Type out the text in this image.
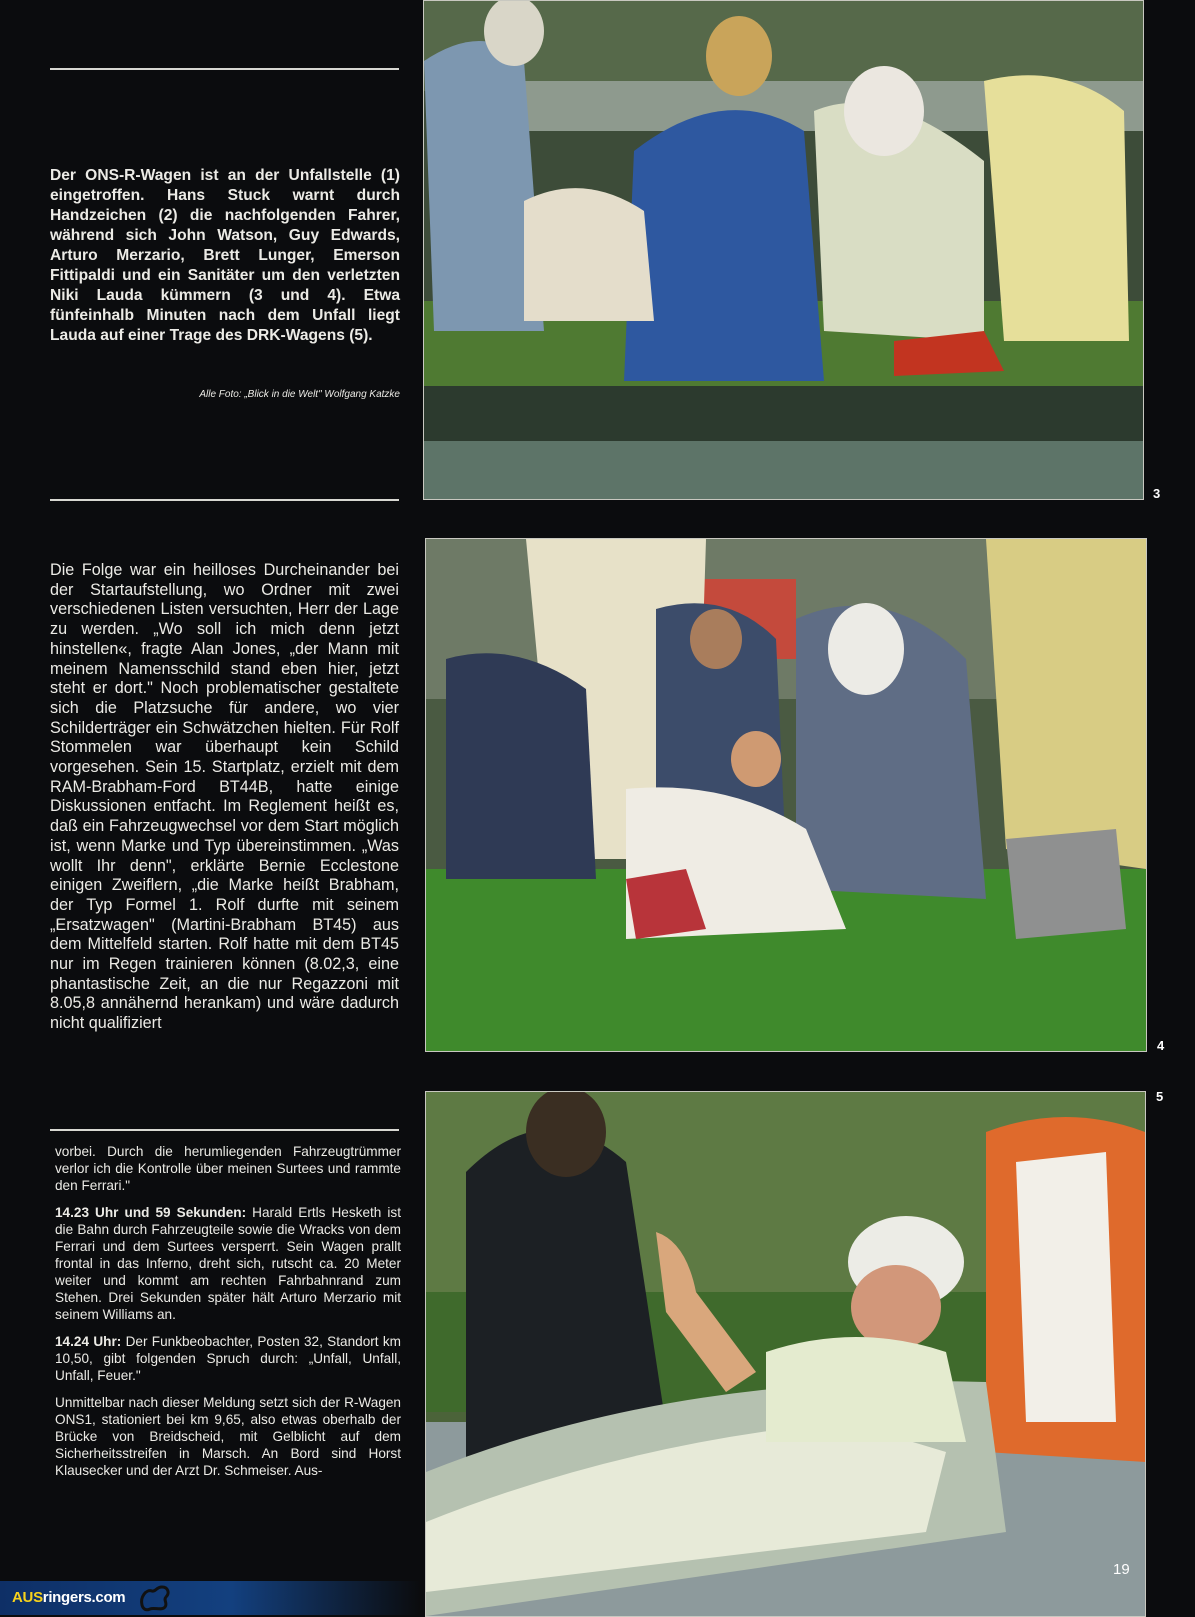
Der ONS-R-Wagen ist an der Unfallstelle (1) eingetroffen. Hans Stuck warnt durch Handzeichen (2) die nachfolgenden Fahrer, während sich John Watson, Guy Edwards, Arturo Merzario, Brett Lunger, Emerson Fittipaldi und ein Sanitäter um den verletzten Niki Lauda kümmern (3 und 4). Etwa fünfeinhalb Minuten nach dem Unfall liegt Lauda auf einer Trage des DRK-Wagens (5).

Alle Foto: „Blick in die Welt" Wolfgang Katzke

Die Folge war ein heilloses Durcheinander bei der Startaufstellung, wo Ordner mit zwei verschiedenen Listen versuchten, Herr der Lage zu werden. „Wo soll ich mich denn jetzt hinstellen«, fragte Alan Jones, „der Mann mit meinem Namensschild stand eben hier, jetzt steht er dort." Noch problematischer gestaltete sich die Platzsuche für andere, wo vier Schilderträger ein Schwätzchen hielten. Für Rolf Stommelen war überhaupt kein Schild vorgesehen. Sein 15. Startplatz, erzielt mit dem RAM-Brabham-Ford BT44B, hatte einige Diskussionen entfacht. Im Reglement heißt es, daß ein Fahrzeugwechsel vor dem Start möglich ist, wenn Marke und Typ übereinstimmen. „Was wollt Ihr denn", erklärte Bernie Ecclestone einigen Zweiflern, „die Marke heißt Brabham, der Typ Formel 1. Rolf durfte mit seinem „Ersatzwagen" (Martini-Brabham BT45) aus dem Mittelfeld starten. Rolf hatte mit dem BT45 nur im Regen trainieren können (8.02,3, eine phantastische Zeit, an die nur Regazzoni mit 8.05,8 annähernd herankam) und wäre dadurch nicht qualifiziert

vorbei. Durch die herumliegenden Fahrzeugtrümmer verlor ich die Kontrolle über meinen Surtees und rammte den Ferrari."

14.23 Uhr und 59 Sekunden: Harald Ertls Hesketh ist die Bahn durch Fahrzeugteile sowie die Wracks von dem Ferrari und dem Surtees versperrt. Sein Wagen prallt frontal in das Inferno, dreht sich, rutscht ca. 20 Meter weiter und kommt am rechten Fahrbahnrand zum Stehen. Drei Sekunden später hält Arturo Merzario mit seinem Williams an.

14.24 Uhr: Der Funkbeobachter, Posten 32, Standort km 10,50, gibt folgenden Spruch durch: „Unfall, Unfall, Unfall, Feuer."

Unmittelbar nach dieser Meldung setzt sich der R-Wagen ONS1, stationiert bei km 9,65, also etwas oberhalb der Brücke von Breidscheid, mit Gelblicht auf dem Sicherheitsstreifen in Marsch. An Bord sind Horst Klausecker und der Arzt Dr. Schmeiser. Aus-

3
4
5
19
AUSringers.com
